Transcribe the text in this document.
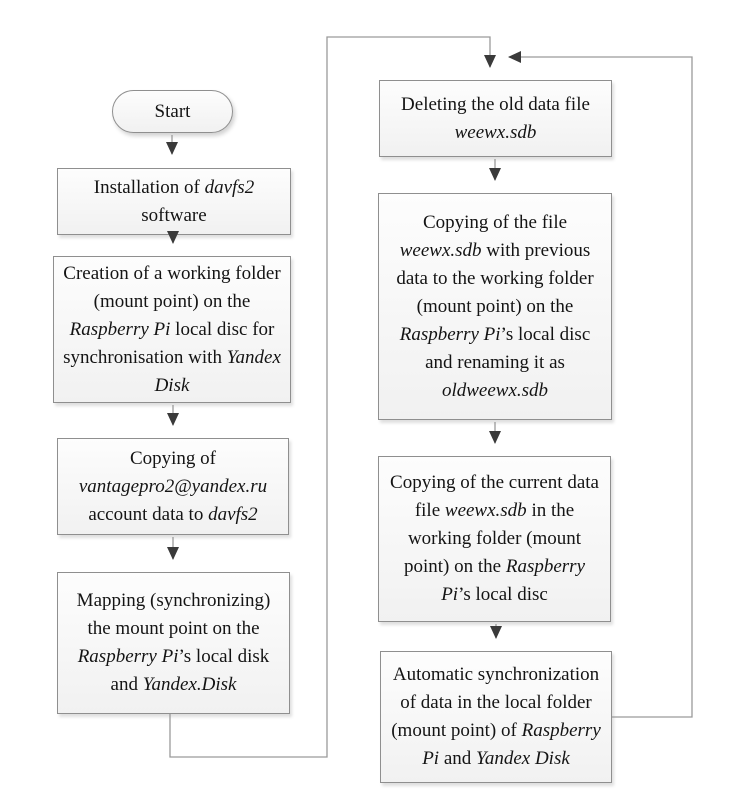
Start
Installation of davfs2 software
Creation of a working folder (mount point) on the Raspberry Pi local disc for synchronisation with Yandex Disk
Copying of vantagepro2@yandex.ru account data to davfs2
Mapping (synchronizing) the mount point on the Raspberry Pi’s local disk and Yandex.Disk
Deleting the old data file weewx.sdb
Copying of the file weewx.sdb with previous data to the working folder (mount point) on the Raspberry Pi’s local disc and renaming it as oldweewx.sdb
Copying of the current data file weewx.sdb in the working folder (mount point) on the Raspberry Pi’s local disc
Automatic synchronization of data in the local folder (mount point) of Raspberry Pi and Yandex Disk
